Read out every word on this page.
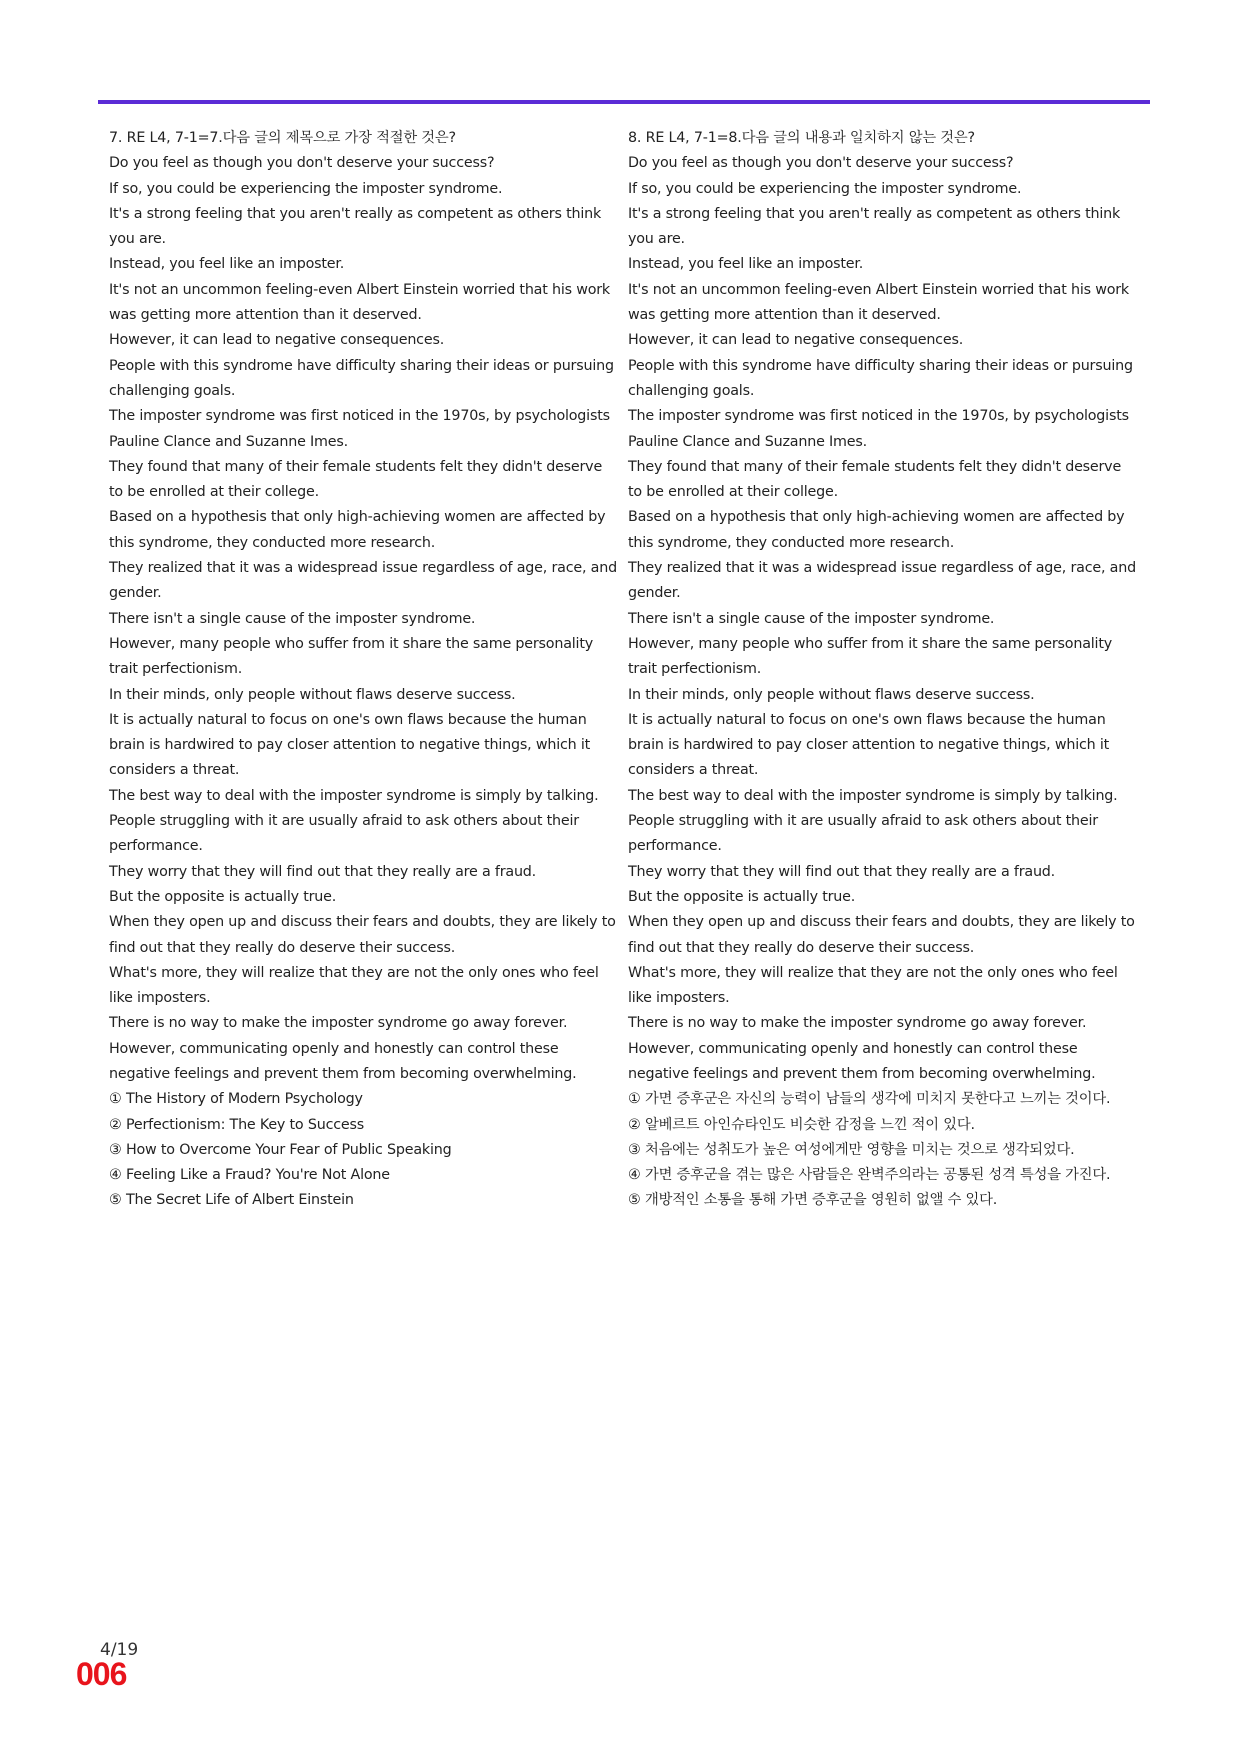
7. RE L4, 7-1=7.다음 글의 제목으로 가장 적절한 것은?
Do you feel as though you don't deserve your success?
If so, you could be experiencing the imposter syndrome.
It's a strong feeling that you aren't really as competent as others think you are.
Instead, you feel like an imposter.
It's not an uncommon feeling-even Albert Einstein worried that his work was getting more attention than it deserved.
However, it can lead to negative consequences.
People with this syndrome have difficulty sharing their ideas or pursuing challenging goals.
The imposter syndrome was first noticed in the 1970s, by psychologists Pauline Clance and Suzanne Imes.
They found that many of their female students felt they didn't deserve to be enrolled at their college.
Based on a hypothesis that only high-achieving women are affected by this syndrome, they conducted more research.
They realized that it was a widespread issue regardless of age, race, and gender.
There isn't a single cause of the imposter syndrome.
However, many people who suffer from it share the same personality trait perfectionism.
In their minds, only people without flaws deserve success.
It is actually natural to focus on one's own flaws because the human brain is hardwired to pay closer attention to negative things, which it considers a threat.
The best way to deal with the imposter syndrome is simply by talking.
People struggling with it are usually afraid to ask others about their performance.
They worry that they will find out that they really are a fraud.
But the opposite is actually true.
When they open up and discuss their fears and doubts, they are likely to find out that they really do deserve their success.
What's more, they will realize that they are not the only ones who feel like imposters.
There is no way to make the imposter syndrome go away forever.
However, communicating openly and honestly can control these negative feelings and prevent them from becoming overwhelming.
① The History of Modern Psychology
② Perfectionism: The Key to Success
③ How to Overcome Your Fear of Public Speaking
④ Feeling Like a Fraud? You're Not Alone
⑤ The Secret Life of Albert Einstein
8. RE L4, 7-1=8.다음 글의 내용과 일치하지 않는 것은?
Do you feel as though you don't deserve your success?
If so, you could be experiencing the imposter syndrome.
It's a strong feeling that you aren't really as competent as others think you are.
Instead, you feel like an imposter.
It's not an uncommon feeling-even Albert Einstein worried that his work was getting more attention than it deserved.
However, it can lead to negative consequences.
People with this syndrome have difficulty sharing their ideas or pursuing challenging goals.
The imposter syndrome was first noticed in the 1970s, by psychologists Pauline Clance and Suzanne Imes.
They found that many of their female students felt they didn't deserve to be enrolled at their college.
Based on a hypothesis that only high-achieving women are affected by this syndrome, they conducted more research.
They realized that it was a widespread issue regardless of age, race, and gender.
There isn't a single cause of the imposter syndrome.
However, many people who suffer from it share the same personality trait perfectionism.
In their minds, only people without flaws deserve success.
It is actually natural to focus on one's own flaws because the human brain is hardwired to pay closer attention to negative things, which it considers a threat.
The best way to deal with the imposter syndrome is simply by talking.
People struggling with it are usually afraid to ask others about their performance.
They worry that they will find out that they really are a fraud.
But the opposite is actually true.
When they open up and discuss their fears and doubts, they are likely to find out that they really do deserve their success.
What's more, they will realize that they are not the only ones who feel like imposters.
There is no way to make the imposter syndrome go away forever.
However, communicating openly and honestly can control these negative feelings and prevent them from becoming overwhelming.
① 가면 증후군은 자신의 능력이 남들의 생각에 미치지 못한다고 느끼는 것이다.
② 알베르트 아인슈타인도 비슷한 감정을 느낀 적이 있다.
③ 처음에는 성취도가 높은 여성에게만 영향을 미치는 것으로 생각되었다.
④ 가면 증후군을 겪는 많은 사람들은 완벽주의라는 공통된 성격 특성을 가진다.
⑤ 개방적인 소통을 통해 가면 증후군을 영원히 없앨 수 있다.
4/19
006
